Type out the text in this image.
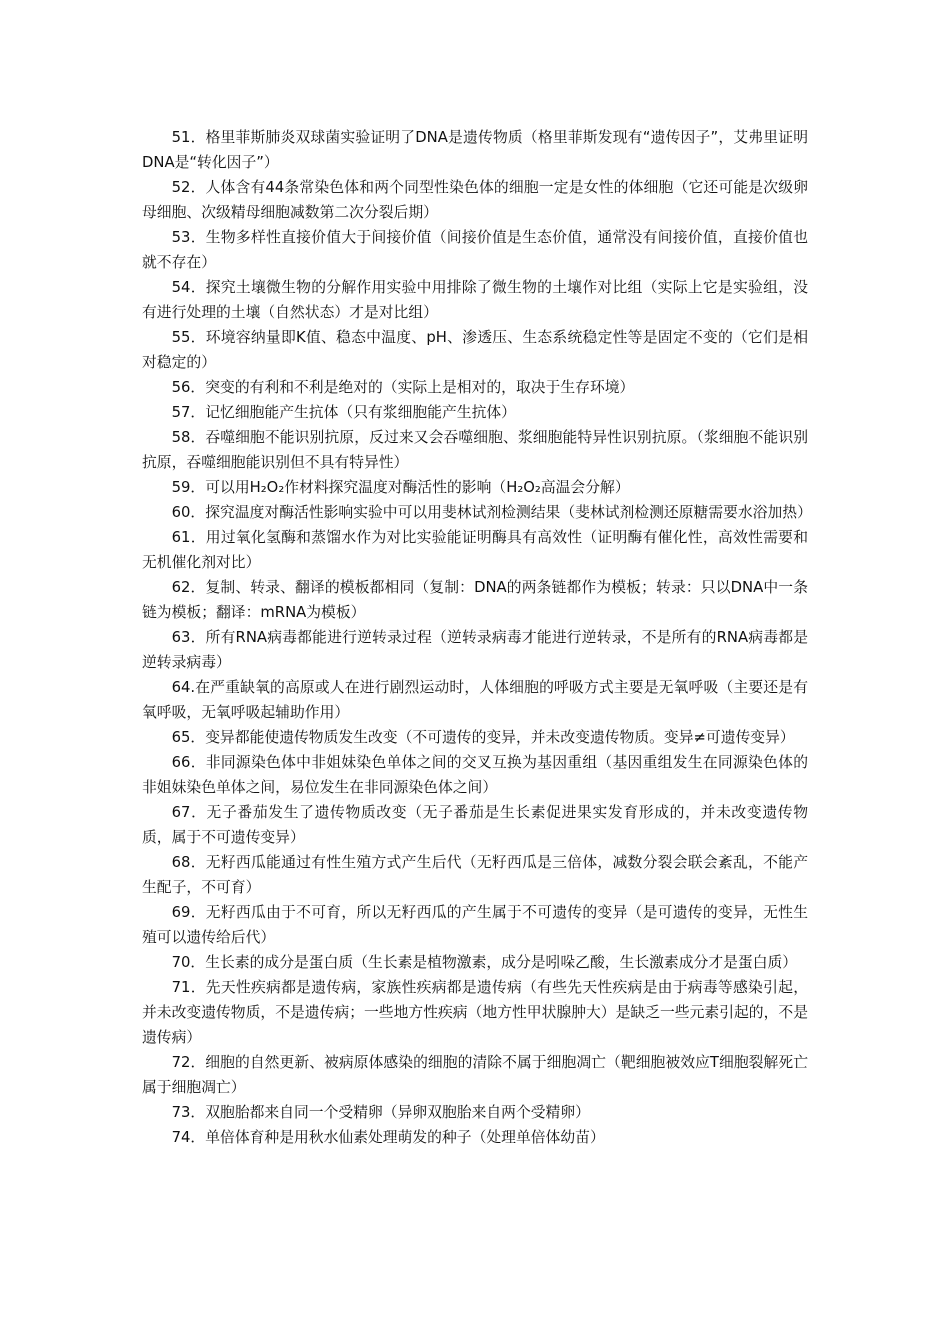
51．格里菲斯肺炎双球菌实验证明了DNA是遗传物质（格里菲斯发现有“遗传因子”，艾弗里证明DNA是“转化因子”）

52．人体含有44条常染色体和两个同型性染色体的细胞一定是女性的体细胞（它还可能是次级卵母细胞、次级精母细胞减数第二次分裂后期）

53．生物多样性直接价值大于间接价值（间接价值是生态价值，通常没有间接价值，直接价值也就不存在）

54．探究土壤微生物的分解作用实验中用排除了微生物的土壤作对比组（实际上它是实验组，没有进行处理的土壤（自然状态）才是对比组）

55．环境容纳量即K值、稳态中温度、pH、渗透压、生态系统稳定性等是固定不变的（它们是相对稳定的）

56．突变的有利和不利是绝对的（实际上是相对的，取决于生存环境）

57．记忆细胞能产生抗体（只有浆细胞能产生抗体）

58．吞噬细胞不能识别抗原，反过来又会吞噬细胞、浆细胞能特异性识别抗原。（浆细胞不能识别抗原，吞噬细胞能识别但不具有特异性）

59．可以用H₂O₂作材料探究温度对酶活性的影响（H₂O₂高温会分解）

60．探究温度对酶活性影响实验中可以用斐林试剂检测结果（斐林试剂检测还原糖需要水浴加热）

61．用过氧化氢酶和蒸馏水作为对比实验能证明酶具有高效性（证明酶有催化性，高效性需要和无机催化剂对比）

62．复制、转录、翻译的模板都相同（复制：DNA的两条链都作为模板；转录：只以DNA中一条链为模板；翻译：mRNA为模板）

63．所有RNA病毒都能进行逆转录过程（逆转录病毒才能进行逆转录，不是所有的RNA病毒都是逆转录病毒）

64.在严重缺氧的高原或人在进行剧烈运动时，人体细胞的呼吸方式主要是无氧呼吸（主要还是有氧呼吸，无氧呼吸起辅助作用）

65．变异都能使遗传物质发生改变（不可遗传的变异，并未改变遗传物质。变异≠可遗传变异）

66．非同源染色体中非姐妹染色单体之间的交叉互换为基因重组（基因重组发生在同源染色体的非姐妹染色单体之间，易位发生在非同源染色体之间）

67．无子番茄发生了遗传物质改变（无子番茄是生长素促进果实发育形成的，并未改变遗传物质，属于不可遗传变异）

68．无籽西瓜能通过有性生殖方式产生后代（无籽西瓜是三倍体，减数分裂会联会紊乱，不能产生配子，不可育）

69．无籽西瓜由于不可育，所以无籽西瓜的产生属于不可遗传的变异（是可遗传的变异，无性生殖可以遗传给后代）

70．生长素的成分是蛋白质（生长素是植物激素，成分是吲哚乙酸，生长激素成分才是蛋白质）

71．先天性疾病都是遗传病，家族性疾病都是遗传病（有些先天性疾病是由于病毒等感染引起，并未改变遗传物质，不是遗传病；一些地方性疾病（地方性甲状腺肿大）是缺乏一些元素引起的，不是遗传病）

72．细胞的自然更新、被病原体感染的细胞的清除不属于细胞凋亡（靶细胞被效应T细胞裂解死亡属于细胞凋亡）

73．双胞胎都来自同一个受精卵（异卵双胞胎来自两个受精卵）

74．单倍体育种是用秋水仙素处理萌发的种子（处理单倍体幼苗）
